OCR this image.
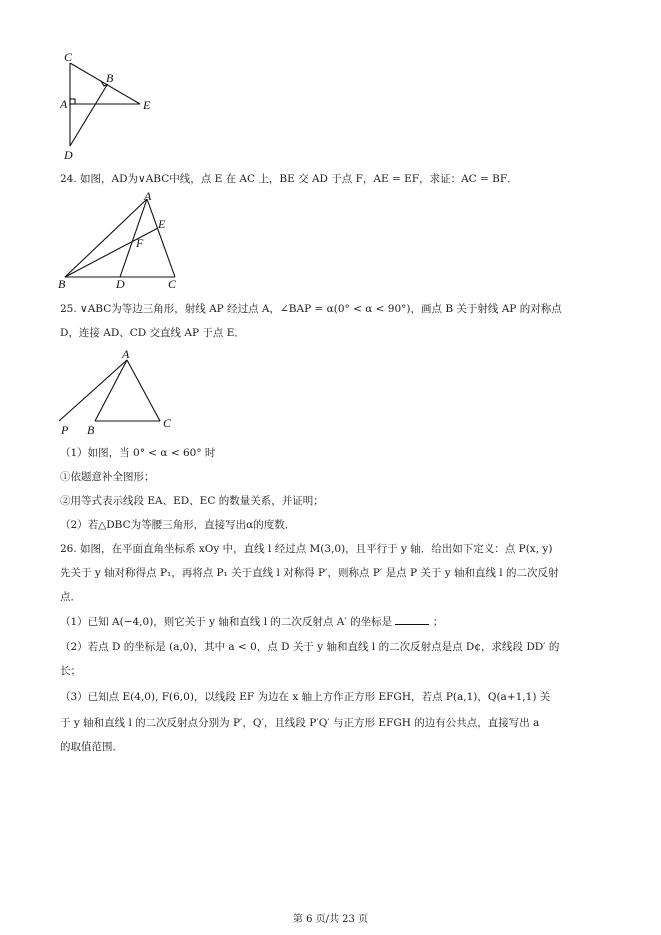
C
B
A	E
D
24. 如图，AD为∨ABC中线，点 E 在 AC 上，BE 交 AD 于点 F，AE = EF，求证：AC = BF．
A
E
F
B	D	C
25. ∨ABC为等边三角形，射线 AP 经过点 A，∠BAP = α(0° < α < 90°)，画点 B 关于射线 AP 的对称点
D，连接 AD、CD 交直线 AP 于点 E．
A
P B	C
（1）如图，当 0° < α < 60° 时
①依题意补全图形；
②用等式表示线段 EA、ED、EC 的数量关系，并证明；
（2）若△DBC为等腰三角形，直接写出α的度数．
26. 如图，在平面直角坐标系 xOy 中，直线 l 经过点 M(3,0)，且平行于 y 轴．给出如下定义：点 P(x, y)
先关于 y 轴对称得点 P₁，再将点 P₁ 关于直线 l 对称得 P′，则称点 P′ 是点 P 关于 y 轴和直线 l 的二次反射
点．
（1）已知 A(−4,0)，则它关于 y 轴和直线 l 的二次反射点 A′ 的坐标是	；
（2）若点 D 的坐标是 (a,0)，其中 a < 0，点 D 关于 y 轴和直线 l 的二次反射点是点 D¢，求线段 DD′ 的
长；
（3）已知点 E(4,0), F(6,0)，以线段 EF 为边在 x 轴上方作正方形 EFGH，若点 P(a,1)，Q(a+1,1) 关
于 y 轴和直线 l 的二次反射点分别为 P′，Q′，且线段 P′Q′ 与正方形 EFGH 的边有公共点，直接写出 a
的取值范围．
第 6 页/共 23 页
